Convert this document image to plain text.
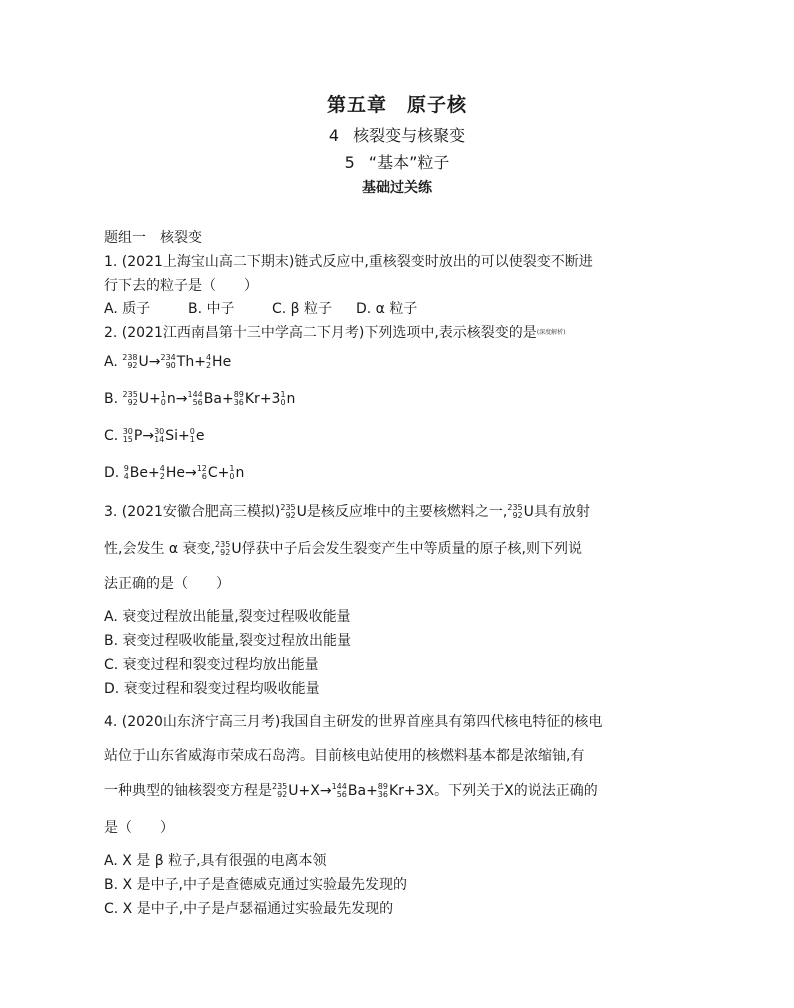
第五章　原子核
4 核裂变与核聚变
5 “基本”粒子
基础过关练
题组一　核裂变
1. (2021上海宝山高二下期末)链式反应中,重核裂变时放出的可以使裂变不断进
行下去的粒子是（　　）
A. 质子	B. 中子	C. β 粒子 D. α 粒子
2. (2021江西南昌第十三中学高二下月考)下列选项中,表示核裂变的是(深度解析)
A. 238
92 U → 234
90 Th + 4
2 He
B. 235
92 U + 1
0 n → 144
56 Ba + 89
36 Kr +3 1
0 n
C. 30
15 P → 30
14 Si + 0
1 e
D. 9
4 Be + 4
2 He → 12
6 C + 1
0 n
3. (2021安徽合肥高三模拟) 235
92 U 是核反应堆中的主要核燃料之一, 235
92 U 具有放射
性,会发生 α 衰变, 235
92 U 俘获中子后会发生裂变产生中等质量的原子核,则下列说
法正确的是（　　）
A. 衰变过程放出能量,裂变过程吸收能量
B. 衰变过程吸收能量,裂变过程放出能量
C. 衰变过程和裂变过程均放出能量
D. 衰变过程和裂变过程均吸收能量
4. (2020山东济宁高三月考)我国自主研发的世界首座具有第四代核电特征的核电
站位于山东省威海市荣成石岛湾。目前核电站使用的核燃料基本都是浓缩铀,有
一种典型的铀核裂变方程是 235
92 U +X→ 144
56 Ba + 89
36 Kr +3X。下列关于X的说法正确的
是（　　）
A. X 是 β 粒子,具有很强的电离本领
B. X 是中子,中子是查德威克通过实验最先发现的
C. X 是中子,中子是卢瑟福通过实验最先发现的
